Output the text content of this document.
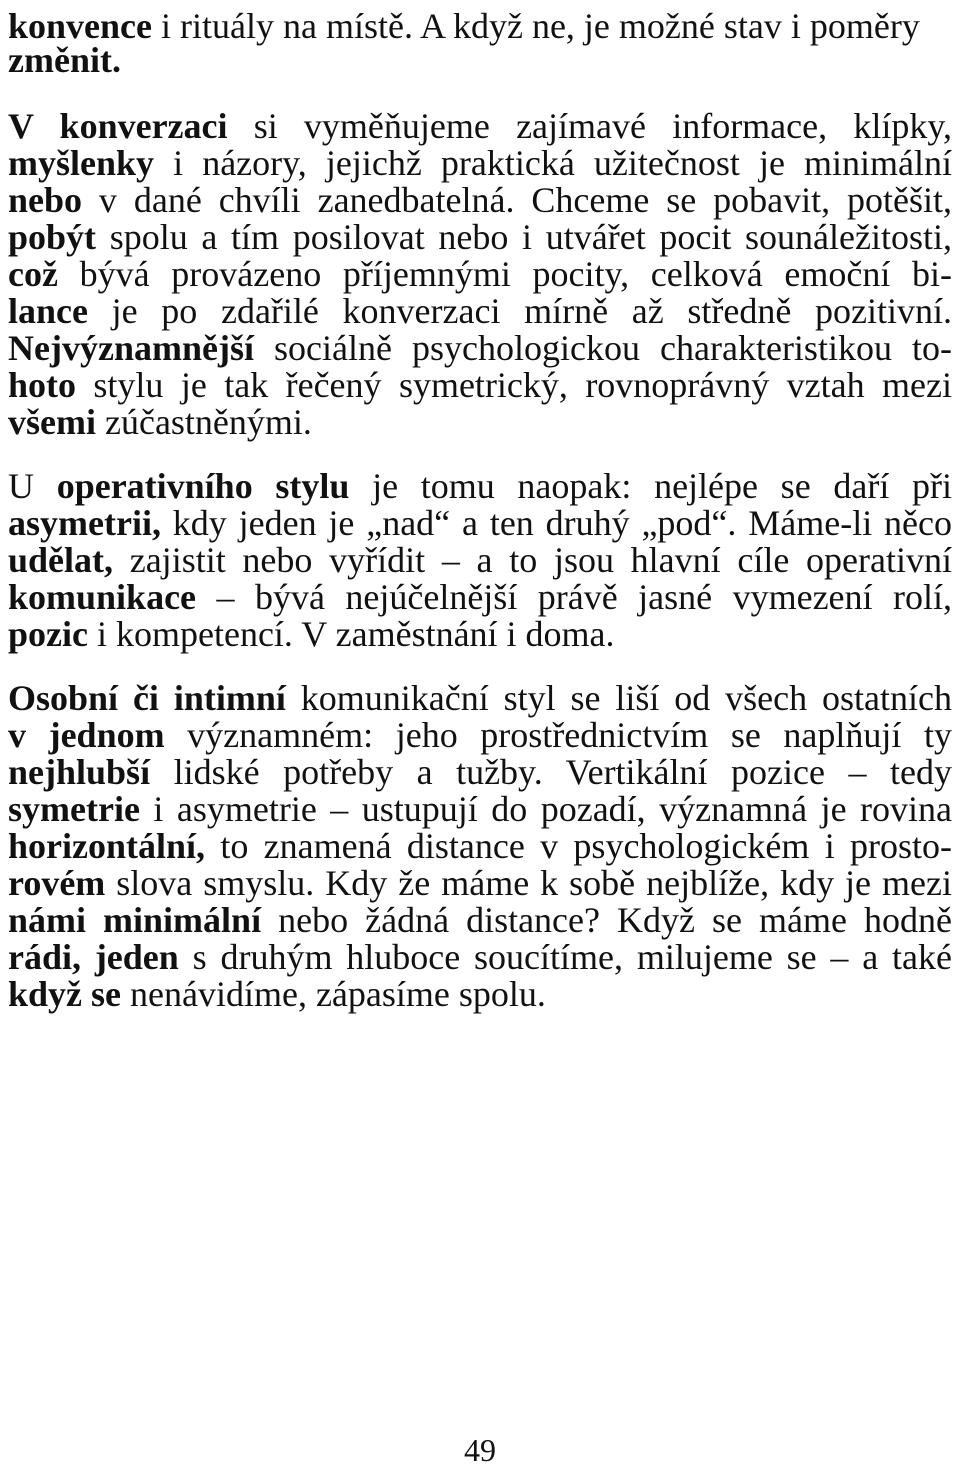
konvence i rituály na místě. A když ne, je možné stav i poměry
změnit.
V konverzaci si vyměňujeme zajímavé informace, klípky,
myšlenky i názory, jejichž praktická užitečnost je minimální
nebo v dané chvíli zanedbatelná. Chceme se pobavit, potěšit,
pobýt spolu a tím posilovat nebo i utvářet pocit sounáležitosti,
což bývá provázeno příjemnými pocity, celková emoční bi-
lance je po zdařilé konverzaci mírně až středně pozitivní.
Nejvýznamnější sociálně psychologickou charakteristikou to-
hoto stylu je tak řečený symetrický, rovnoprávný vztah mezi
všemi zúčastněnými.
U operativního stylu je tomu naopak: nejlépe se daří při
asymetrii, kdy jeden je „nad“ a ten druhý „pod“. Máme-li něco
udělat, zajistit nebo vyřídit – a to jsou hlavní cíle operativní
komunikace – bývá nejúčelnější právě jasné vymezení rolí,
pozic i kompetencí. V zaměstnání i doma.
Osobní či intimní komunikační styl se liší od všech ostatních
v jednom významném: jeho prostřednictvím se naplňují ty
nejhlubší lidské potřeby a tužby. Vertikální pozice – tedy
symetrie i asymetrie – ustupují do pozadí, významná je rovina
horizontální, to znamená distance v psychologickém i prosto-
rovém slova smyslu. Kdy že máme k sobě nejblíže, kdy je mezi
námi minimální nebo žádná distance? Když se máme hodně
rádi, jeden s druhým hluboce soucítíme, milujeme se – a také
když se nenávidíme, zápasíme spolu.
49
